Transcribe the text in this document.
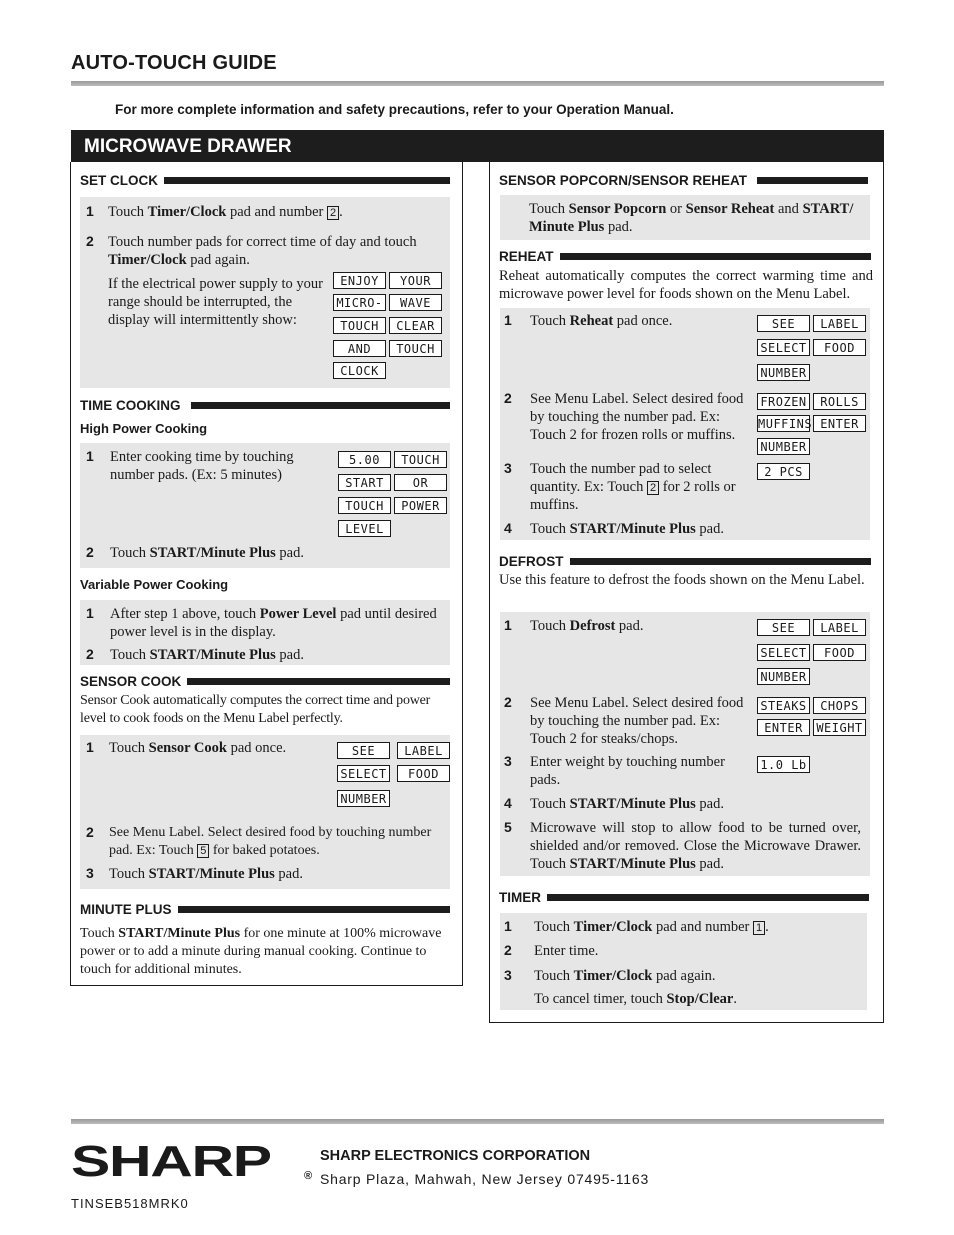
AUTO-TOUCH GUIDE
For more complete information and safety precautions, refer to your Operation Manual.
MICROWAVE DRAWER
SET CLOCK
1 Touch Timer/Clock pad and number 2 .
2 Touch number pads for correct time of day and touch
Timer/Clock pad again.
If the electrical power supply to your range should be interrupted, the display will intermittently show:
ENJOY	YOUR
MICRO-	WAVE
TOUCH	CLEAR
AND	TOUCH
CLOCK
TIME COOKING
High Power Cooking
1 Enter cooking time by touching number pads. (Ex: 5 minutes)
5.00	TOUCH
START	OR
TOUCH	POWER
LEVEL
2 Touch START/Minute Plus pad.
Variable Power Cooking
1 After step 1 above, touch Power Level pad until desired power level is in the display.
2 Touch START/Minute Plus pad.
SENSOR COOK
Sensor Cook automatically computes the correct time and power level to cook foods on the Menu Label perfectly.
1 Touch Sensor Cook pad once.	SEE	LABEL
SELECT	FOOD
NUMBER
2 See Menu Label. Select desired food by touching number pad. Ex: Touch 5 for baked potatoes.
3 Touch START/Minute Plus pad.
MINUTE PLUS
Touch START/Minute Plus for one minute at 100% microwave power or to add a minute during manual cooking. Continue to touch for additional minutes.
SENSOR POPCORN/SENSOR REHEAT
Touch Sensor Popcorn or Sensor Reheat and START/ Minute Plus pad.
REHEAT
Reheat automatically computes the correct warming time and microwave power level for foods shown on the Menu Label.
1 Touch Reheat pad once.	SEE	LABEL
SELECT	FOOD
NUMBER
2 See Menu Label. Select desired food by touching the number pad. Ex: Touch 2 for frozen rolls or muffins.
FROZEN	ROLLS
MUFFINS ENTER
NUMBER
3 Touch the number pad to select quantity. Ex: Touch 2 for 2 rolls or muffins.
2 PCS
4 Touch START/Minute Plus pad.
DEFROST
Use this feature to defrost the foods shown on the Menu Label.
1 Touch Defrost pad.	SEE	LABEL
SELECT	FOOD
NUMBER
2 See Menu Label. Select desired food by touching the number pad. Ex: Touch 2 for steaks/chops.
STEAKS	CHOPS
ENTER	WEIGHT
3 Enter weight by touching number pads.
1.0 Lb
4 Touch START/Minute Plus pad.
5 Microwave will stop to allow food to be turned over, shielded and/or removed. Close the Microwave Drawer. Touch START/Minute Plus pad.
TIMER
1 Touch Timer/Clock pad and number 1 .
2 Enter time.
3 Touch Timer/Clock pad again.
To cancel timer, touch Stop/Clear.
SHARP	®
SHARP ELECTRONICS CORPORATION
Sharp Plaza, Mahwah, New Jersey 07495-1163
TINSEB518MRK0
